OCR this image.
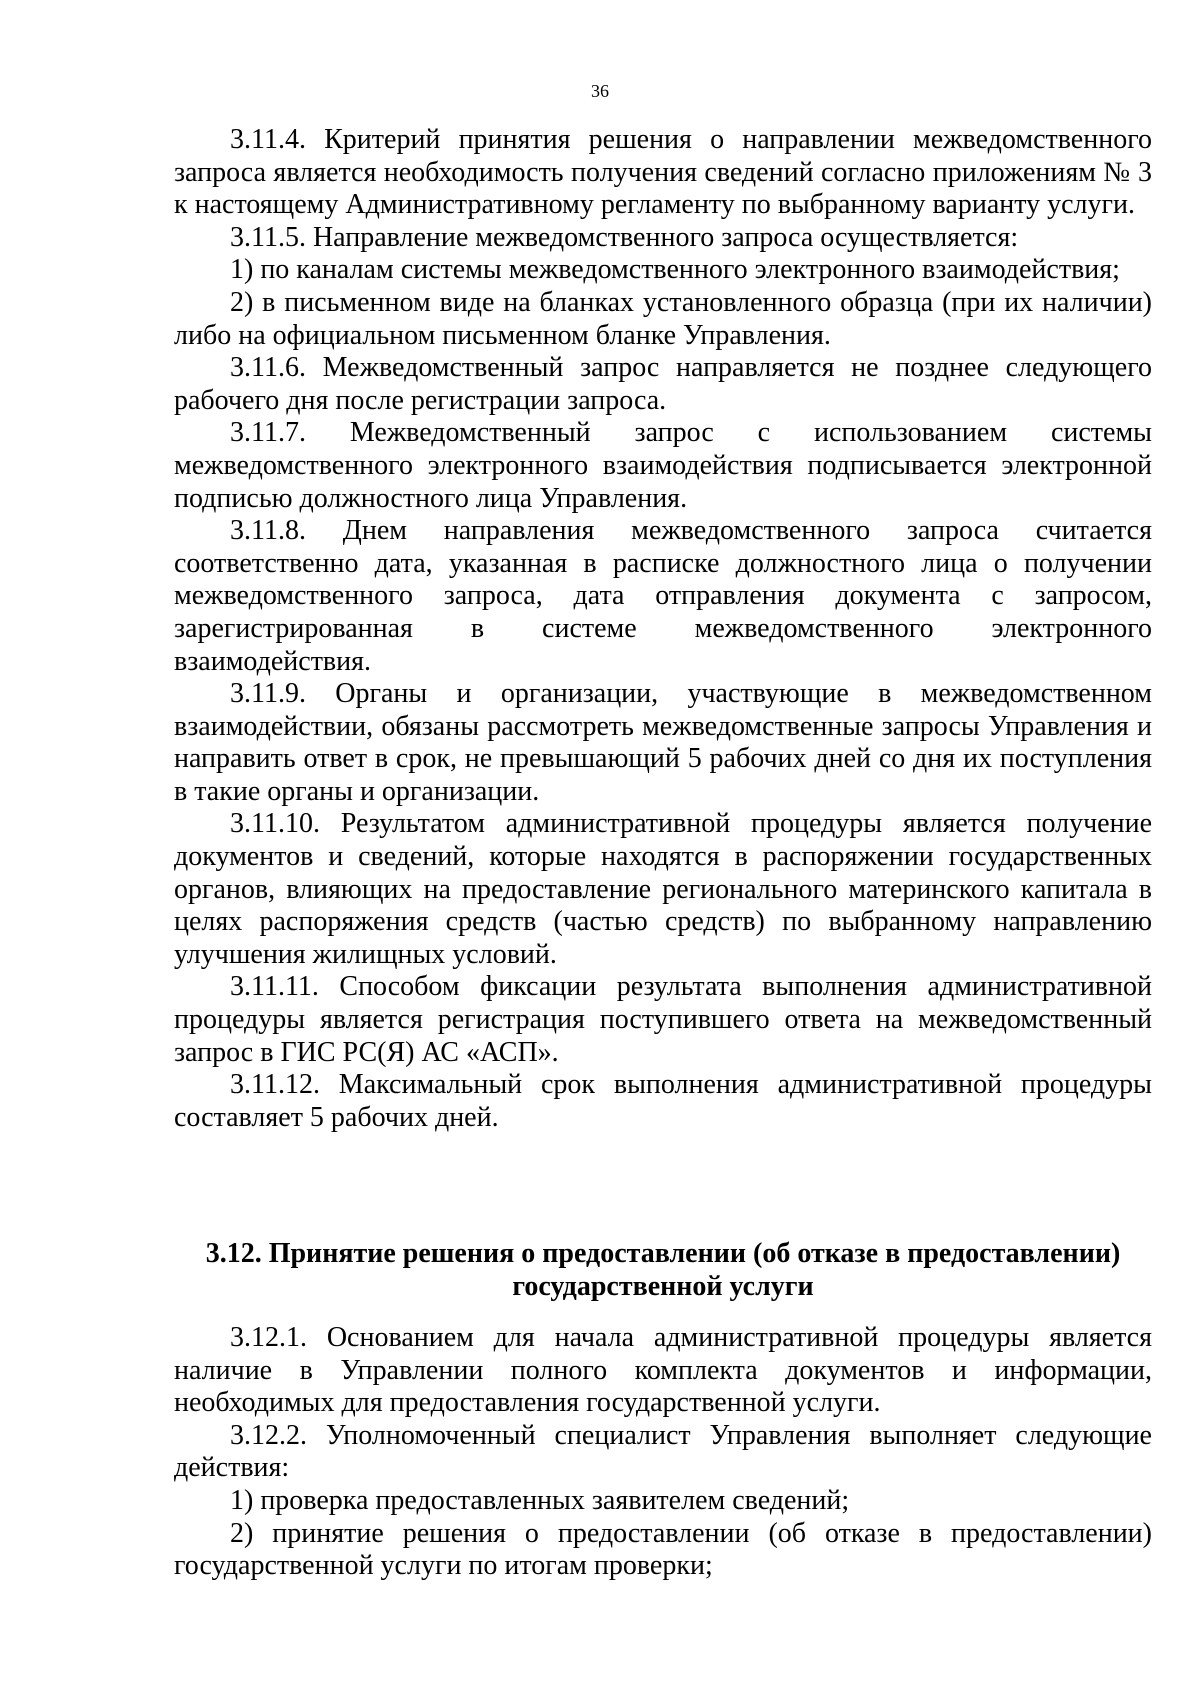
36

3.11.4. Критерий принятия решения о направлении межведомственного запроса является необходимость получения сведений согласно приложениям № 3 к настоящему Административному регламенту по выбранному варианту услуги.

3.11.5. Направление межведомственного запроса осуществляется:

1) по каналам системы межведомственного электронного взаимодействия;

2) в письменном виде на бланках установленного образца (при их наличии) либо на официальном письменном бланке Управления.

3.11.6. Межведомственный запрос направляется не позднее следующего рабочего дня после регистрации запроса.

3.11.7. Межведомственный запрос с использованием системы межведомственного электронного взаимодействия подписывается электронной подписью должностного лица Управления.

3.11.8. Днем направления межведомственного запроса считается соответственно дата, указанная в расписке должностного лица о получении межведомственного запроса, дата отправления документа с запросом, зарегистрированная в системе межведомственного электронного взаимодействия.

3.11.9. Органы и организации, участвующие в межведомственном взаимодействии, обязаны рассмотреть межведомственные запросы Управления и направить ответ в срок, не превышающий 5 рабочих дней со дня их поступления в такие органы и организации.

3.11.10. Результатом административной процедуры является получение документов и сведений, которые находятся в распоряжении государственных органов, влияющих на предоставление регионального материнского капитала в целях распоряжения средств (частью средств) по выбранному направлению улучшения жилищных условий.

3.11.11. Способом фиксации результата выполнения административной процедуры является регистрация поступившего ответа на межведомственный запрос в ГИС РС(Я) АС «АСП».

3.11.12. Максимальный срок выполнения административной процедуры составляет 5 рабочих дней.

3.12. Принятие решения о предоставлении (об отказе в предоставлении)
государственной услуги

3.12.1. Основанием для начала административной процедуры является наличие в Управлении полного комплекта документов и информации, необходимых для предоставления государственной услуги.

3.12.2. Уполномоченный специалист Управления выполняет следующие действия:

1) проверка предоставленных заявителем сведений;

2) принятие решения о предоставлении (об отказе в предоставлении) государственной услуги по итогам проверки;
